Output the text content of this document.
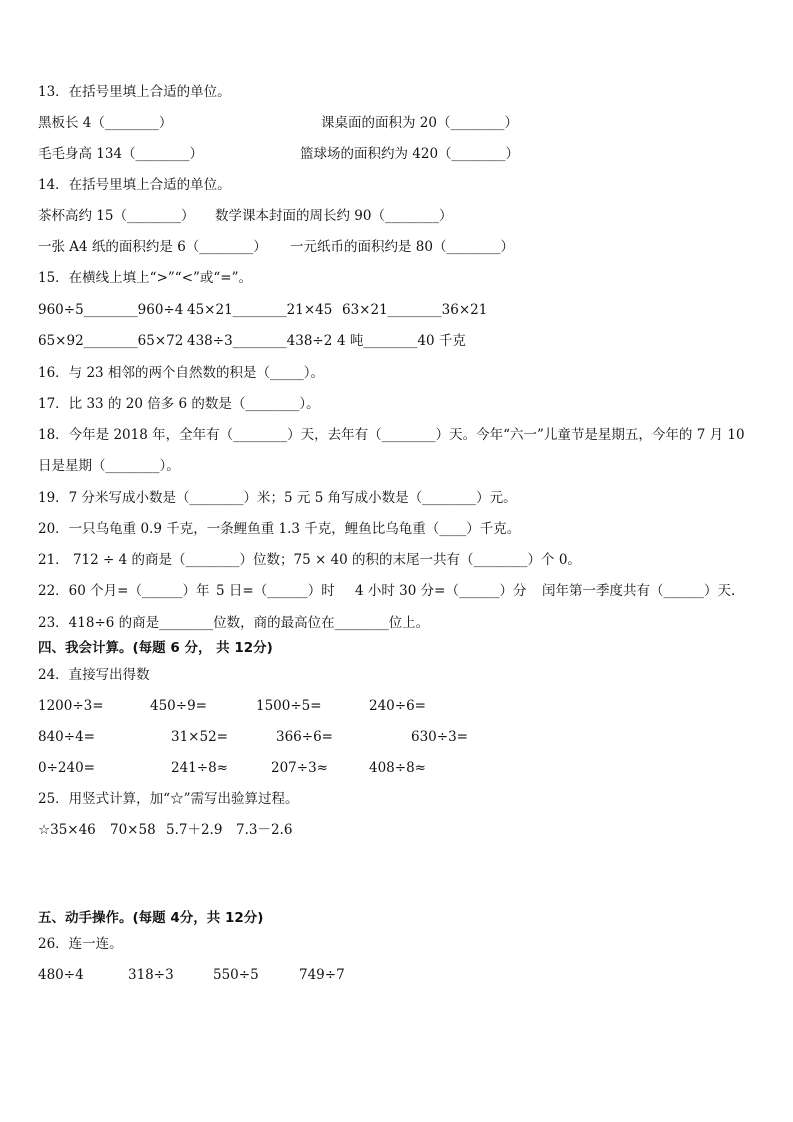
13．在括号里填上合适的单位。
黑板长 4（________）	课桌面的面积为 20（________）
毛毛身高 134（________）	篮球场的面积约为 420（________）
14．在括号里填上合适的单位。
茶杯高约 15（________） 数学课本封面的周长约 90（________）
一张 A4 纸的面积约是 6（________） 一元纸币的面积约是 80（________）
15．在横线上填上“>”“<”或“=”。
960÷5________960÷4 45×21________21×45 63×21________36×21
65×92________65×72 438÷3________438÷2 4 吨________40 千克
16．与 23 相邻的两个自然数的积是（_____）。
17．比 33 的 20 倍多 6 的数是（________）。
18．今年是 2018 年，全年有（________）天，去年有（________）天。今年“六一”儿童节是星期五，今年的 7 月 10
日是星期（________）。
19．7 分米写成小数是（________）米；5 元 5 角写成小数是（________）元。
20．一只乌龟重 0.9 千克，一条鲤鱼重 1.3 千克，鲤鱼比乌龟重（____）千克。
21． 712 ÷ 4 的商是（________）位数；75 × 40 的积的末尾一共有（________）个 0。
22．60 个月=（______）年 5 日=（______）时 4 小时 30 分=（______）分 闰年第一季度共有（______）天.
23．418÷6 的商是________位数，商的最高位在________位上。
四、我会计算。(每题 6 分， 共 12分)
24．直接写出得数
1200÷3=	450÷9=	1500÷5=	240÷6=
840÷4=	31×52=	366÷6=	630÷3=
0÷240=	241÷8≈	207÷3≈	408÷8≈
25．用竖式计算，加“☆”需写出验算过程。
☆35×46 70×58 5.7＋2.9 7.3－2.6
五、动手操作。(每题 4分，共 12分)
26．连一连。
480÷4	318÷3	550÷5	749÷7
